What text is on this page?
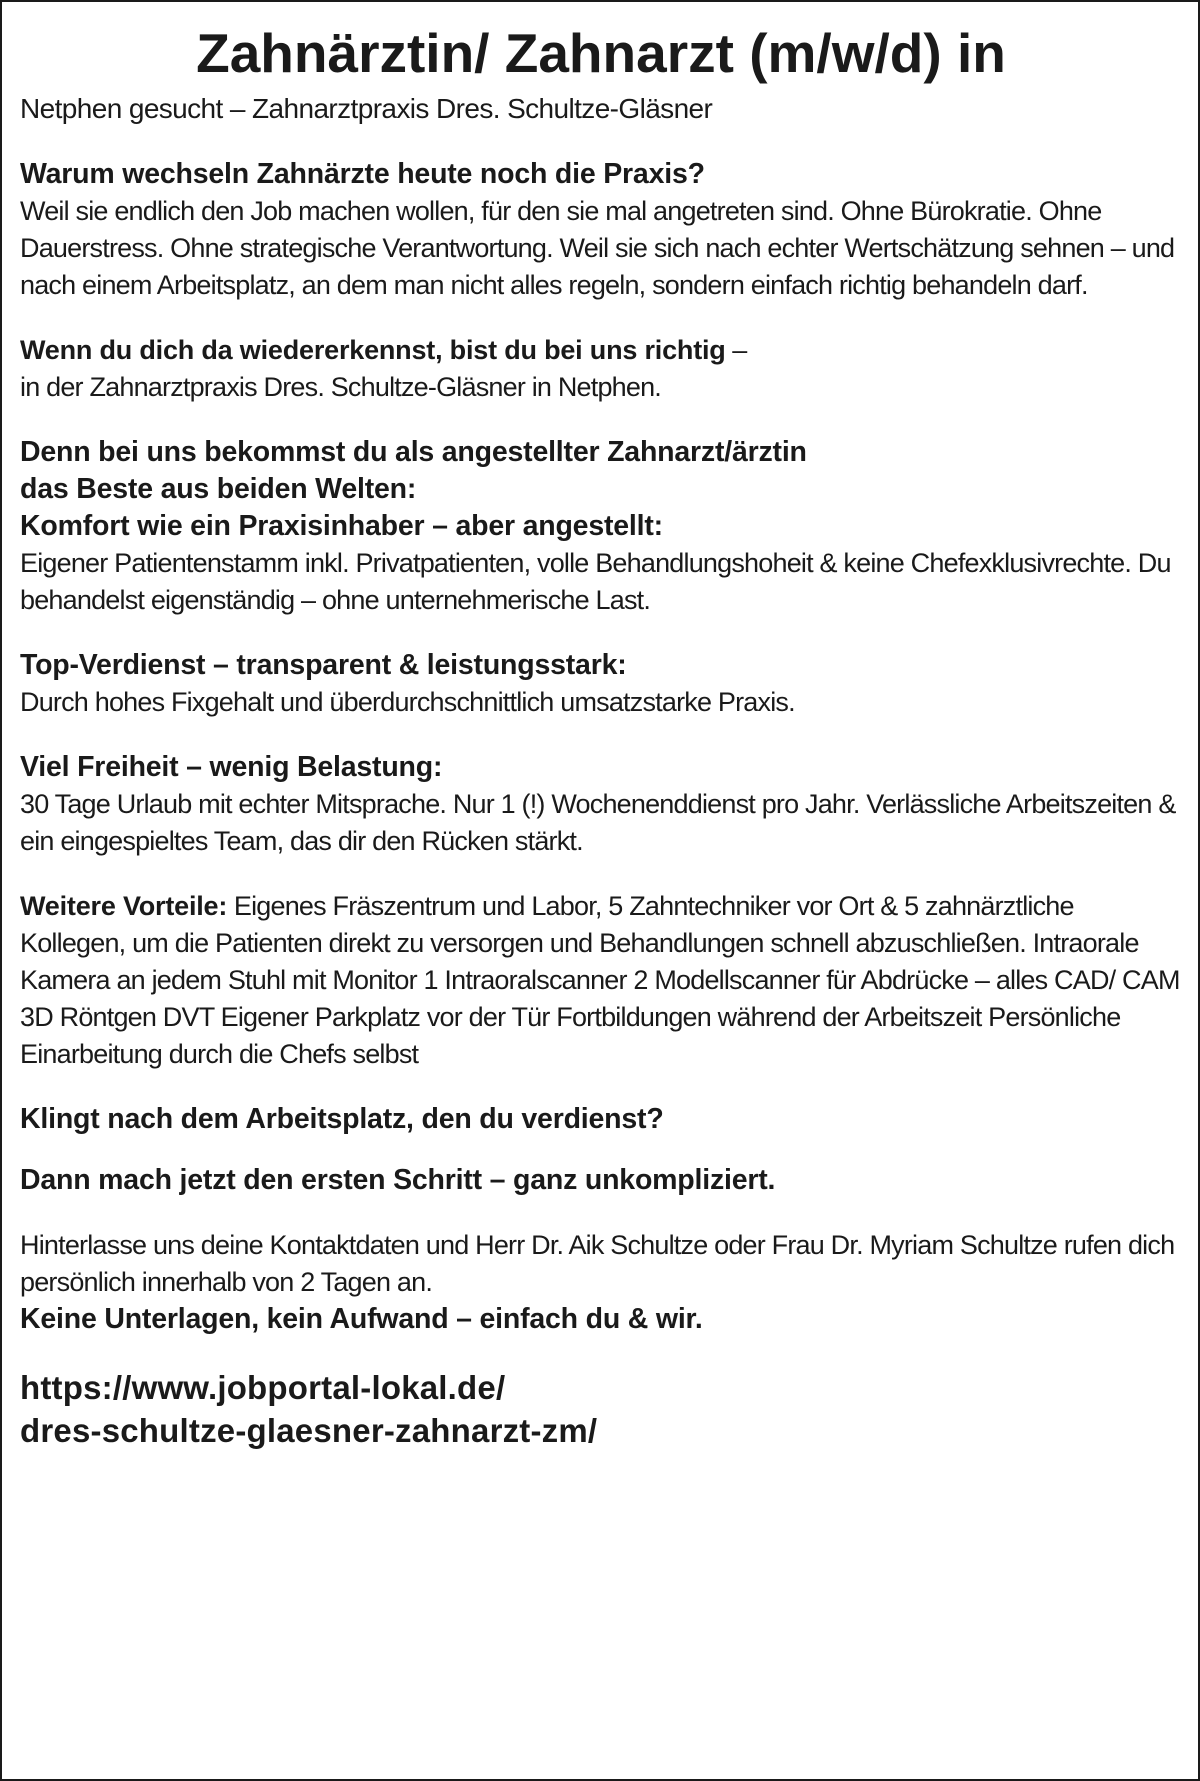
Zahnärztin/ Zahnarzt (m/w/d) in

Netphen gesucht – Zahnarztpraxis Dres. Schultze-Gläsner

Warum wechseln Zahnärzte heute noch die Praxis?

Weil sie endlich den Job machen wollen, für den sie mal angetreten sind. Ohne Bürokratie. Ohne Dauerstress. Ohne strategische Verantwortung. Weil sie sich nach echter Wertschätzung sehnen – und nach einem Arbeitsplatz, an dem man nicht alles regeln, sondern einfach richtig behandeln darf.

Wenn du dich da wiedererkennst, bist du bei uns richtig –

in der Zahnarztpraxis Dres. Schultze-Gläsner in Netphen.

Denn bei uns bekommst du als angestellter Zahnarzt/ärztin

das Beste aus beiden Welten:

Komfort wie ein Praxisinhaber – aber angestellt:

Eigener Patientenstamm inkl. Privatpatienten, volle Behandlungshoheit & keine Chefexklusivrechte. Du behandelst eigenständig – ohne unternehmerische Last.

Top-Verdienst – transparent & leistungsstark:

Durch hohes Fixgehalt und überdurchschnittlich umsatzstarke Praxis.

Viel Freiheit – wenig Belastung:

30 Tage Urlaub mit echter Mitsprache. Nur 1 (!) Wochenenddienst pro Jahr. Verlässliche Arbeitszeiten & ein eingespieltes Team, das dir den Rücken stärkt.

Weitere Vorteile: Eigenes Fräszentrum und Labor, 5 Zahntechniker vor Ort & 5 zahnärztliche Kollegen, um die Patienten direkt zu versorgen und Behandlungen schnell abzuschließen. Intraorale Kamera an jedem Stuhl mit Monitor 1 Intraoralscanner 2 Modellscanner für Abdrücke – alles CAD/ CAM 3D Röntgen DVT Eigener Parkplatz vor der Tür Fortbildungen während der Arbeitszeit Persönliche Einarbeitung durch die Chefs selbst

Klingt nach dem Arbeitsplatz, den du verdienst?

Dann mach jetzt den ersten Schritt – ganz unkompliziert.

Hinterlasse uns deine Kontaktdaten und Herr Dr. Aik Schultze oder Frau Dr. Myriam Schultze rufen dich persönlich innerhalb von 2 Tagen an.

Keine Unterlagen, kein Aufwand – einfach du & wir.

https://www.jobportal-lokal.de/

dres-schultze-glaesner-zahnarzt-zm/
